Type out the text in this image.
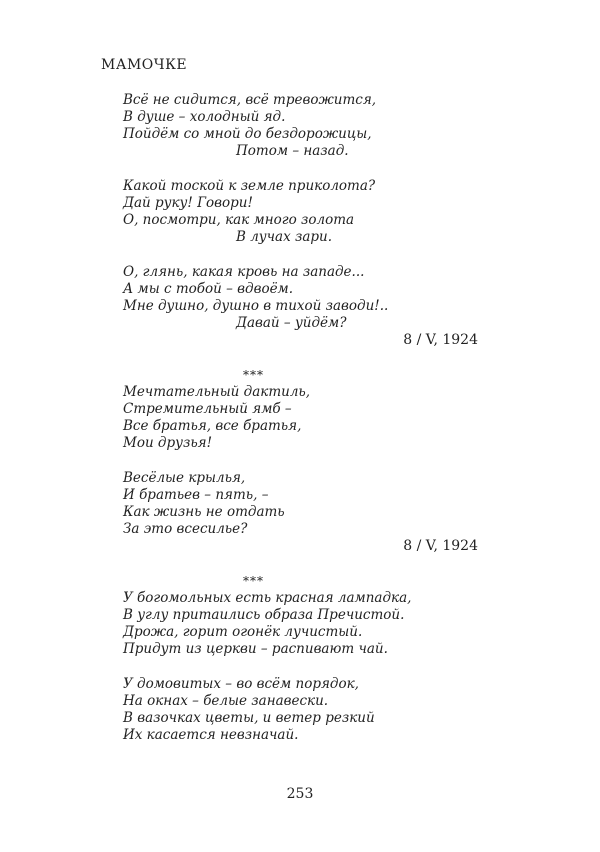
МАМОЧКЕ
Всё не сидится, всё тревожится,
В душе – холодный яд.
Пойдём со мной до бездорожицы,
Потом – назад.
Какой тоской к земле приколота?
Дай руку! Говори!
О, посмотри, как много золота
В лучах зари.
О, глянь, какая кровь на западе...
А мы с тобой – вдвоём.
Мне душно, душно в тихой заводи!..
Давай – уйдём?
8 / V, 1924
***
Мечтательный дактиль,
Стремительный ямб –
Все братья, все братья,
Мои друзья!
Весёлые крылья,
И братьев – пять, –
Как жизнь не отдать
За это всесилье?
8 / V, 1924
***
У богомольных есть красная лампадка,
В углу притаились образа Пречистой.
Дрожа, горит огонёк лучистый.
Придут из церкви – распивают чай.
У домовитых – во всём порядок,
На окнах – белые занавески.
В вазочках цветы, и ветер резкий
Их касается невзначай.
253
